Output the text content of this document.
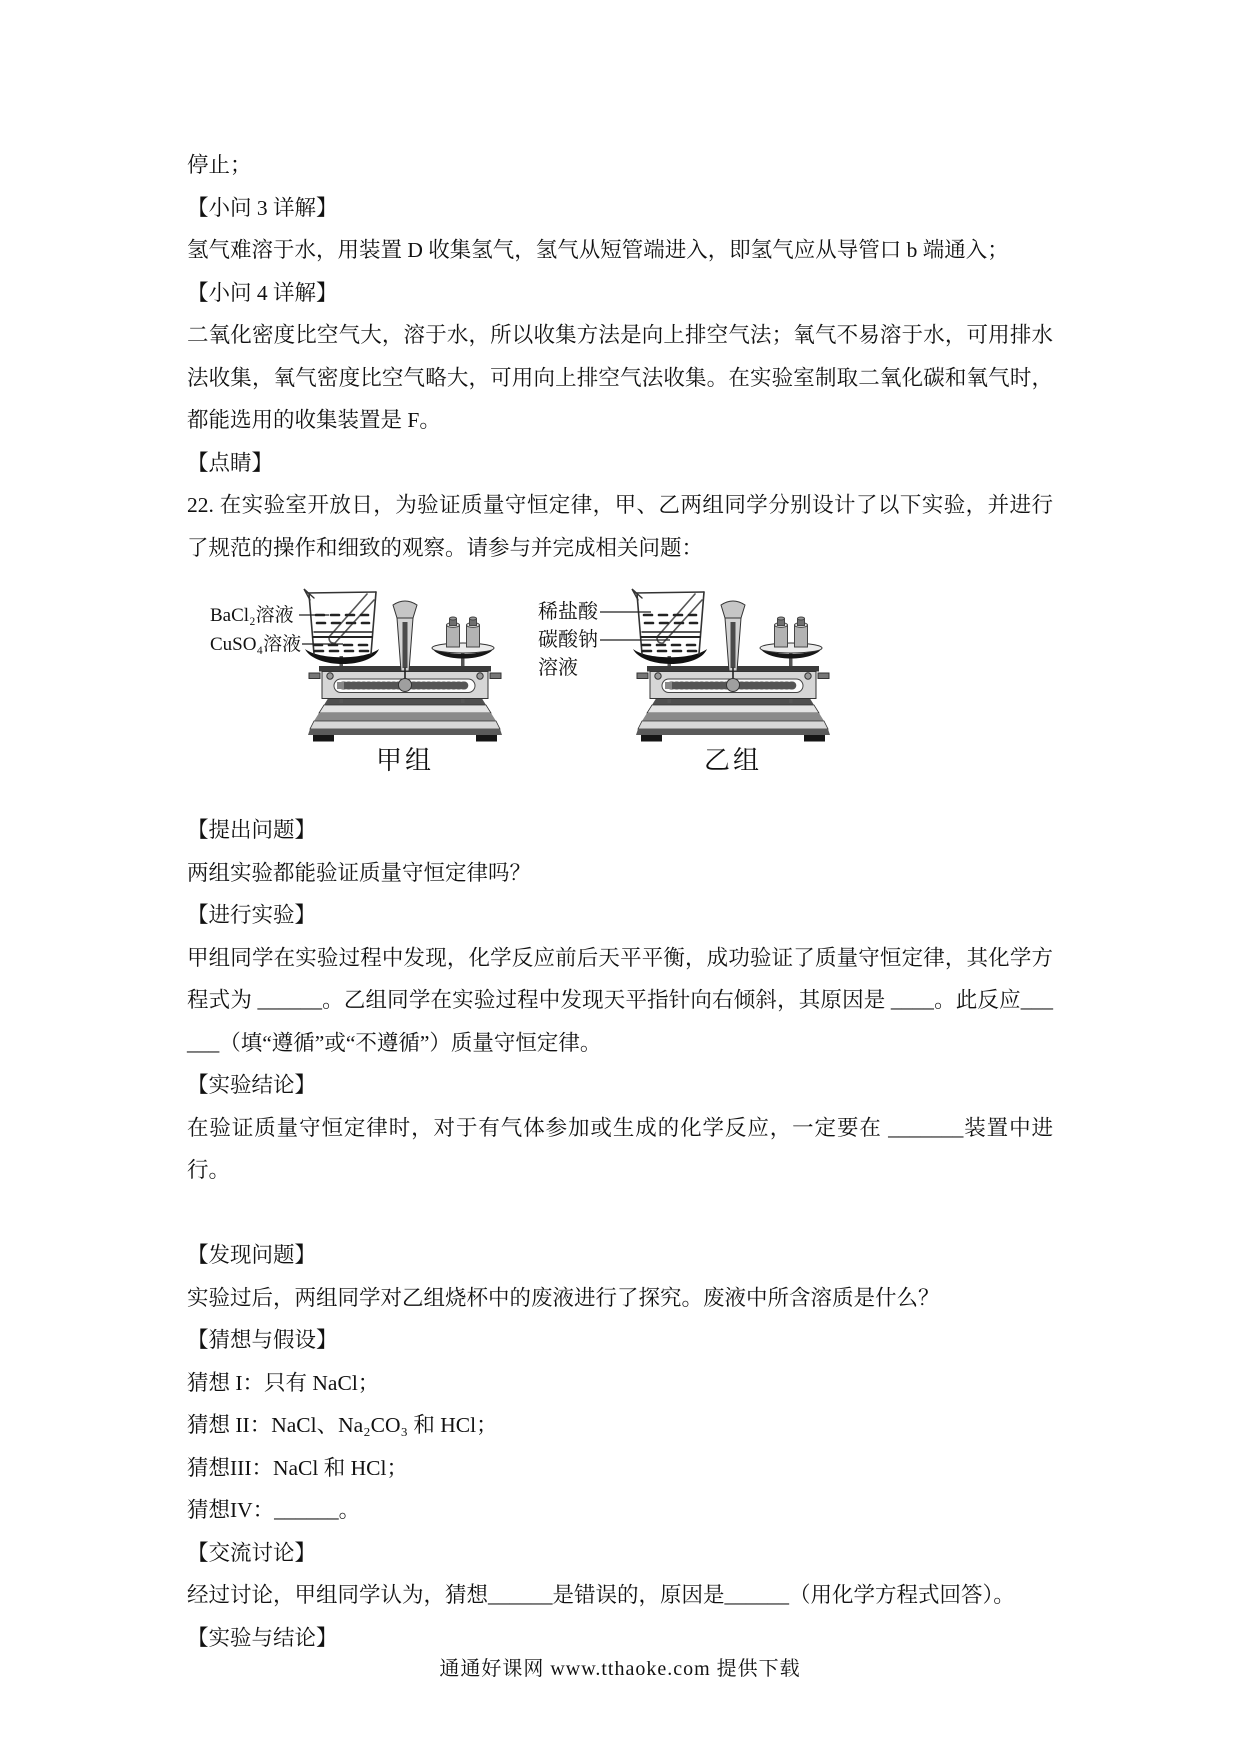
停止；

【小问 3 详解】

氢气难溶于水，用装置 D 收集氢气，氢气从短管端进入，即氢气应从导管口 b 端通入；

【小问 4 详解】

二氧化密度比空气大，溶于水，所以收集方法是向上排空气法；氧气不易溶于水，可用排水法收集，氧气密度比空气略大，可用向上排空气法收集。在实验室制取二氧化碳和氧气时，都能选用的收集装置是 F。

【点睛】

22. 在实验室开放日，为验证质量守恒定律，甲、乙两组同学分别设计了以下实验，并进行了规范的操作和细致的观察。请参与并完成相关问题：

BaCl₂溶液
CuSO₄溶液
甲组
稀盐酸
碳酸钠
溶液
乙组

【提出问题】

两组实验都能验证质量守恒定律吗？

【进行实验】

甲组同学在实验过程中发现，化学反应前后天平平衡，成功验证了质量守恒定律，其化学方程式为 ______。乙组同学在实验过程中发现天平指针向右倾斜，其原因是 ____。此反应______（填“遵循”或“不遵循”）质量守恒定律。

【实验结论】

在验证质量守恒定律时，对于有气体参加或生成的化学反应，一定要在 _______装置中进行。

【发现问题】

实验过后，两组同学对乙组烧杯中的废液进行了探究。废液中所含溶质是什么？

【猜想与假设】

猜想 I：只有 NaCl；

猜想 II：NaCl、Na₂CO₃ 和 HCl；

猜想III：NaCl 和 HCl；

猜想IV：______。

【交流讨论】

经过讨论，甲组同学认为，猜想______是错误的，原因是______（用化学方程式回答）。

【实验与结论】

通通好课网 www.tthaoke.com 提供下载
